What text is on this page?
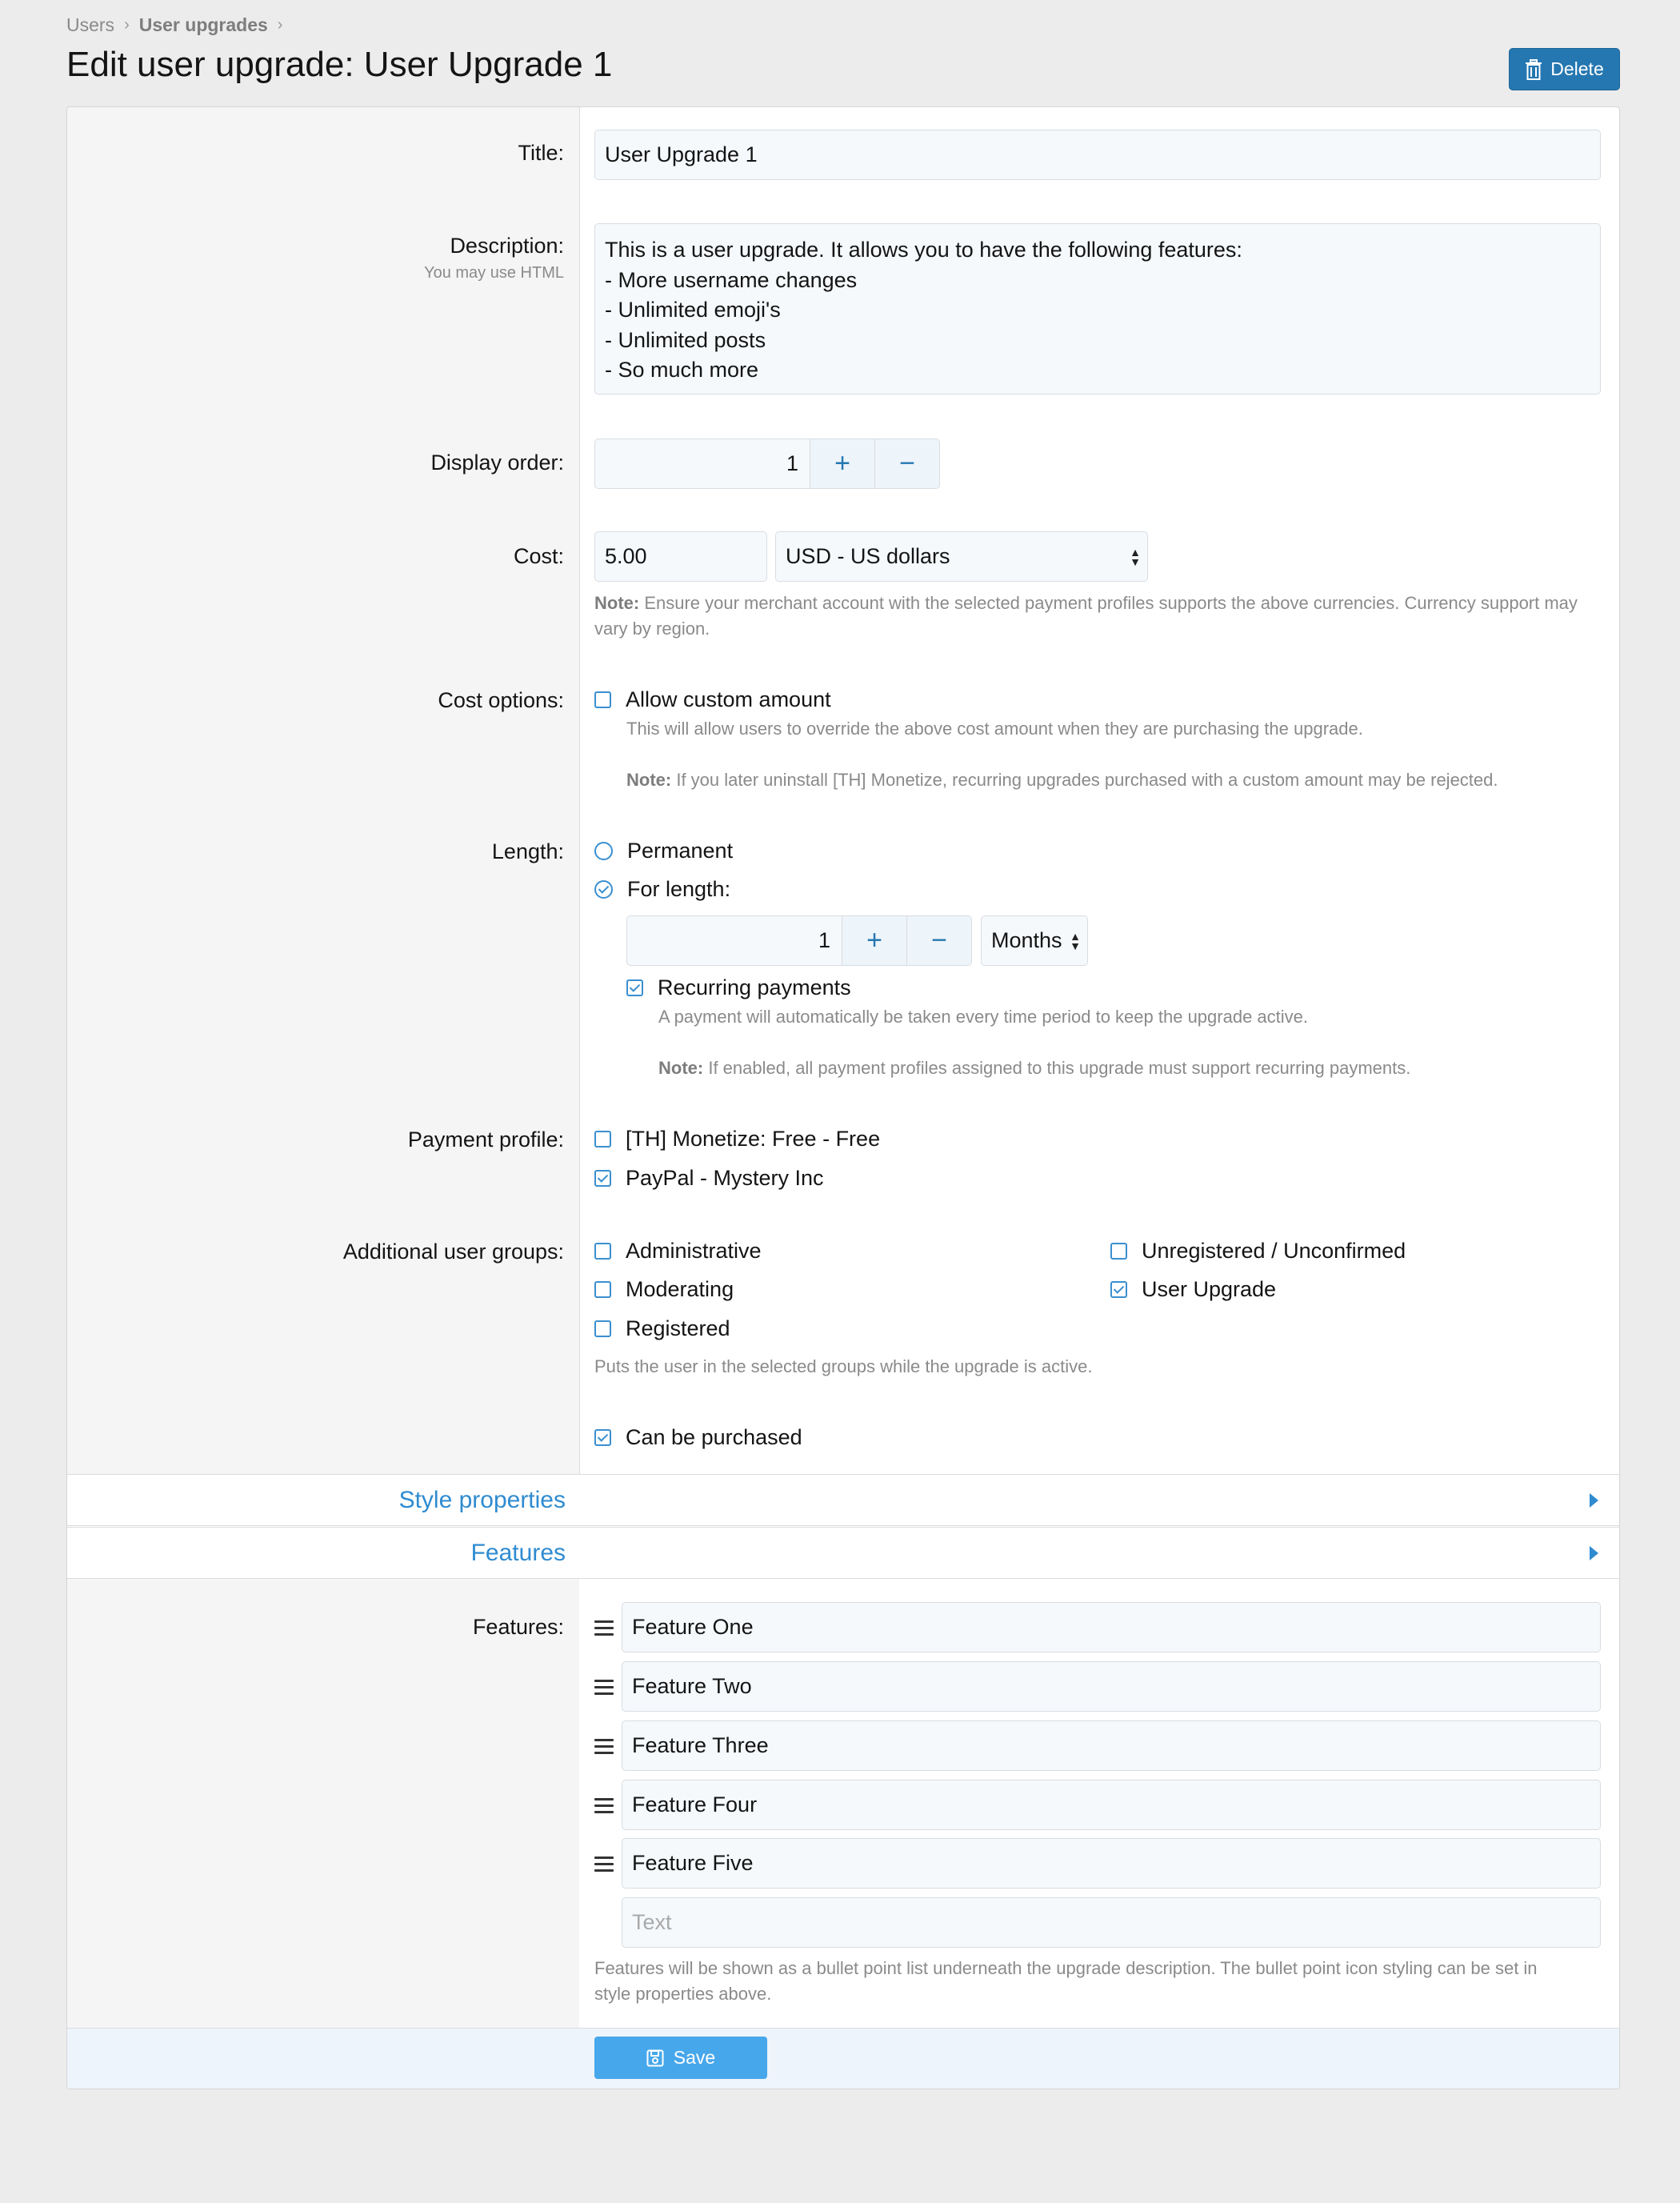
Users › User upgrades ›
Edit user upgrade: User Upgrade 1	Delete
Title:	User Upgrade 1
Description:
You may use HTML
This is a user upgrade. It allows you to have the following features:
- More username changes
- Unlimited emoji's
- Unlimited posts
- So much more
Display order:	1	+	−
Cost:	5.00	USD - US dollars	▲
▼
Note: Ensure your merchant account with the selected payment profiles supports the above currencies. Currency support may vary by region.
Cost options:	Allow custom amount
This will allow users to override the above cost amount when they are purchasing the upgrade.
Note: If you later uninstall [TH] Monetize, recurring upgrades purchased with a custom amount may be rejected.
Length:	Permanent
For length:
1	+	−	Months ▲
▼
Recurring payments
A payment will automatically be taken every time period to keep the upgrade active.
Note: If enabled, all payment profiles assigned to this upgrade must support recurring payments.
Payment profile:	[TH] Monetize: Free - Free
PayPal - Mystery Inc
Additional user groups:	Administrative
Moderating
Registered
Unregistered / Unconfirmed
User Upgrade
Puts the user in the selected groups while the upgrade is active.
Can be purchased
Style properties
Features
Features:	Feature One
Feature Two
Feature Three
Feature Four
Feature Five
Text
Features will be shown as a bullet point list underneath the upgrade description. The bullet point icon styling can be set in
style properties above.
Save
